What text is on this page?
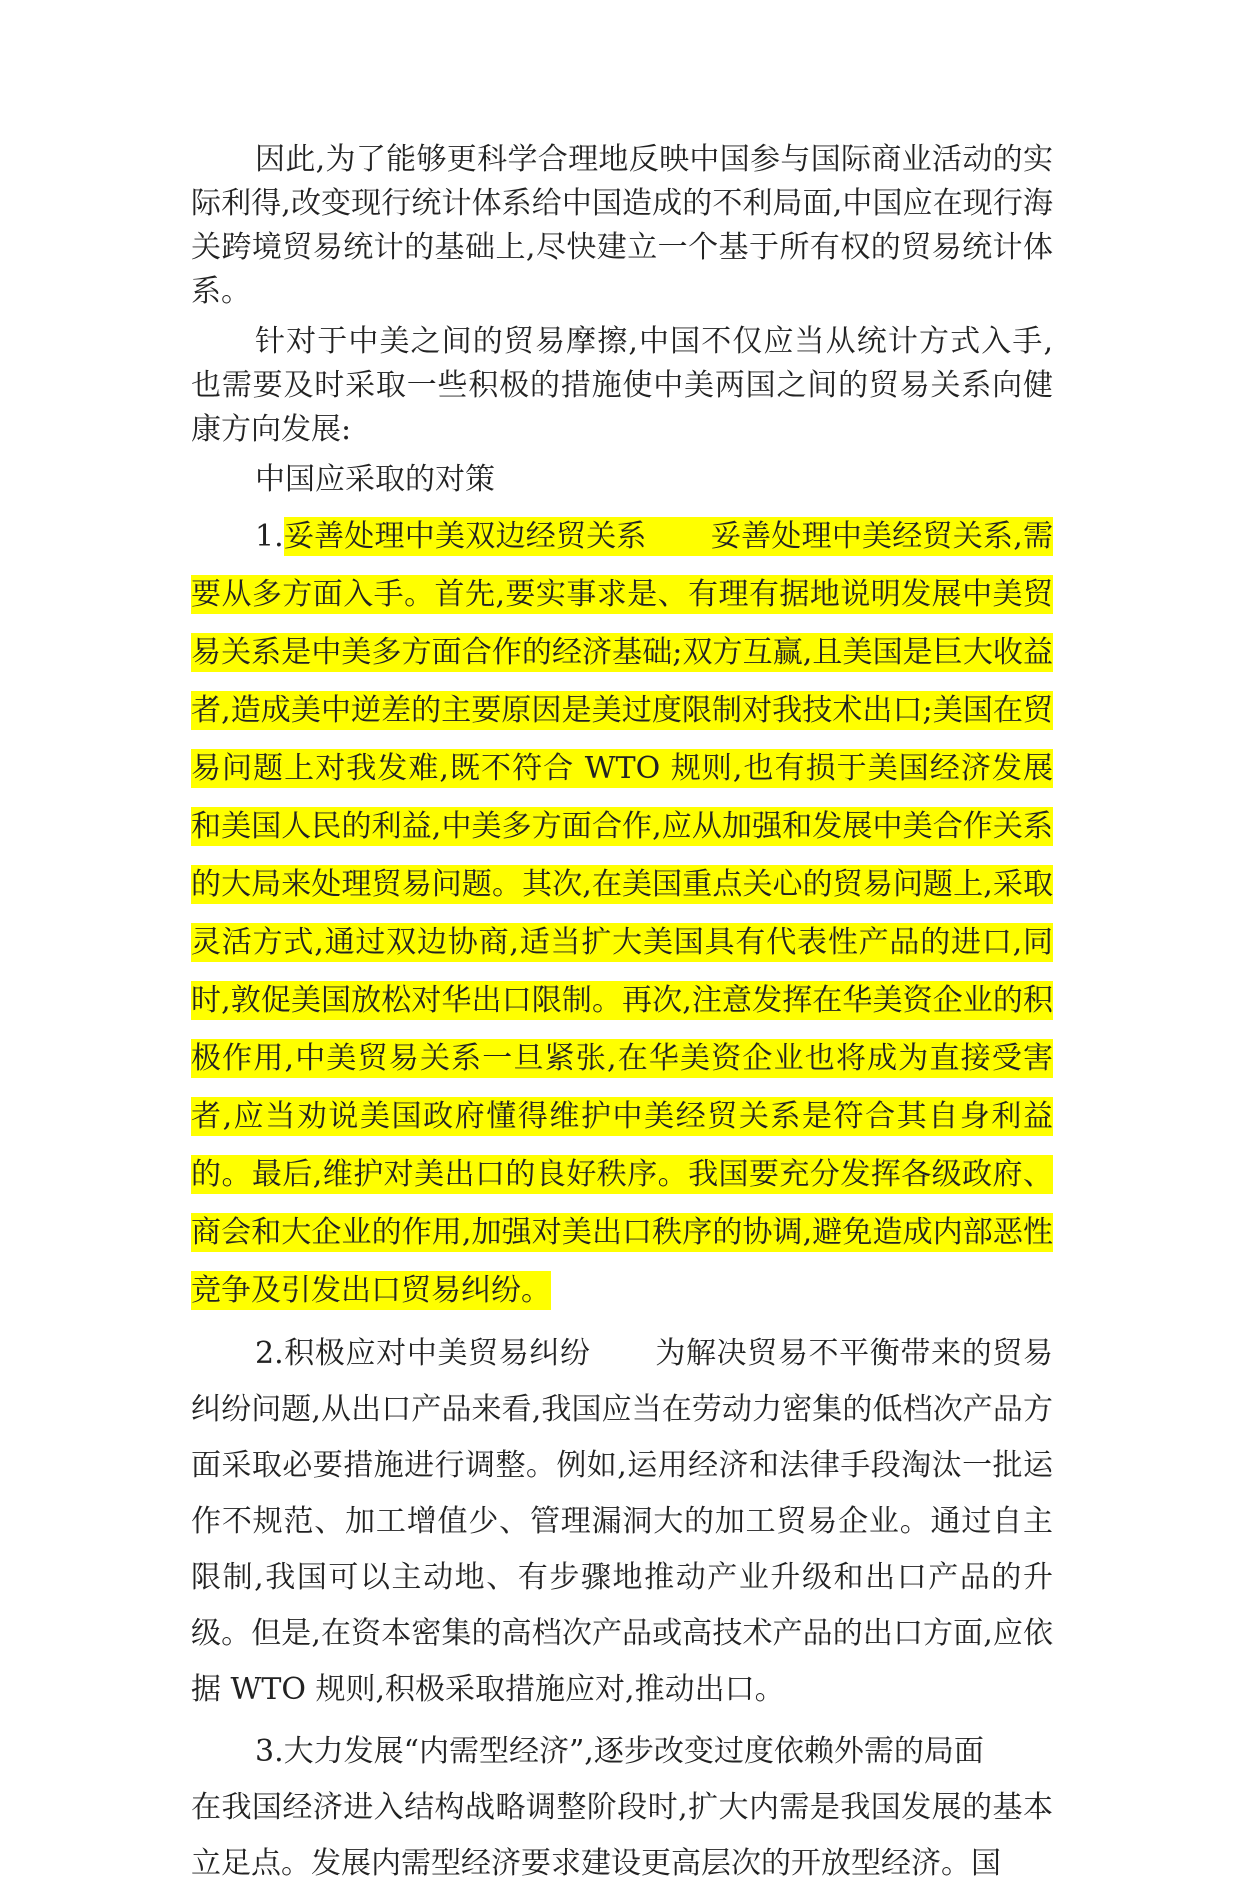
因此,为了能够更科学合理地反映中国参与国际商业活动的实际利得,改变现行统计体系给中国造成的不利局面,中国应在现行海关跨境贸易统计的基础上,尽快建立一个基于所有权的贸易统计体系。

针对于中美之间的贸易摩擦,中国不仅应当从统计方式入手,也需要及时采取一些积极的措施使中美两国之间的贸易关系向健康方向发展:

中国应采取的对策

1.妥善处理中美双边经贸关系 妥善处理中美经贸关系,需要从多方面入手。首先,要实事求是、有理有据地说明发展中美贸易关系是中美多方面合作的经济基础;双方互赢,且美国是巨大收益者,造成美中逆差的主要原因是美过度限制对我技术出口;美国在贸易问题上对我发难,既不符合 WTO 规则,也有损于美国经济发展和美国人民的利益,中美多方面合作,应从加强和发展中美合作关系的大局来处理贸易问题。其次,在美国重点关心的贸易问题上,采取灵活方式,通过双边协商,适当扩大美国具有代表性产品的进口,同时,敦促美国放松对华出口限制。再次,注意发挥在华美资企业的积极作用,中美贸易关系一旦紧张,在华美资企业也将成为直接受害者,应当劝说美国政府懂得维护中美经贸关系是符合其自身利益的。最后,维护对美出口的良好秩序。我国要充分发挥各级政府、商会和大企业的作用,加强对美出口秩序的协调,避免造成内部恶性竞争及引发出口贸易纠纷。

2.积极应对中美贸易纠纷 为解决贸易不平衡带来的贸易纠纷问题,从出口产品来看,我国应当在劳动力密集的低档次产品方面采取必要措施进行调整。例如,运用经济和法律手段淘汰一批运作不规范、加工增值少、管理漏洞大的加工贸易企业。通过自主限制,我国可以主动地、有步骤地推动产业升级和出口产品的升级。但是,在资本密集的高档次产品或高技术产品的出口方面,应依据 WTO 规则,积极采取措施应对,推动出口。

3.大力发展“内需型经济”,逐步改变过度依赖外需的局面
在我国经济进入结构战略调整阶段时,扩大内需是我国发展的基本立足点。发展内需型经济要求建设更高层次的开放型经济。国
